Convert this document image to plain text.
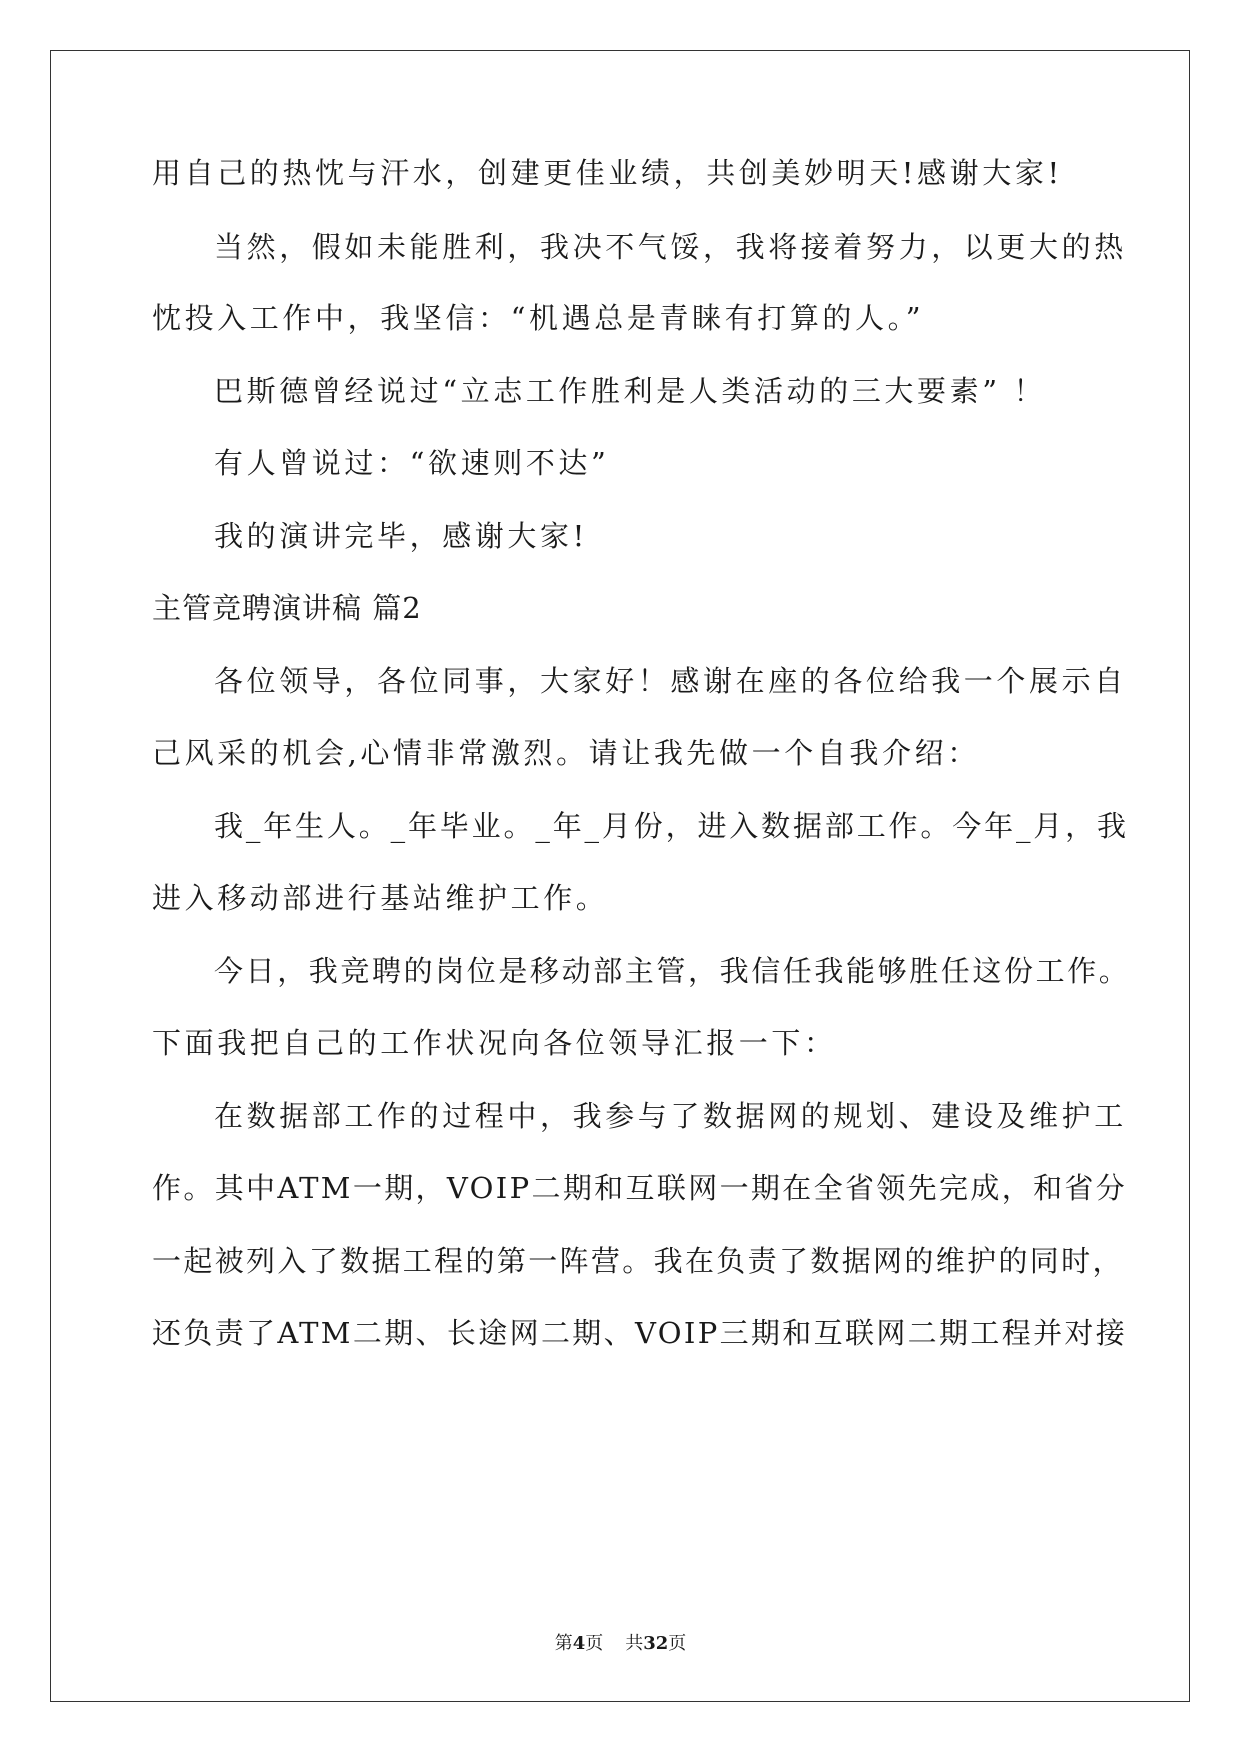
用自己的热忱与汗水，创建更佳业绩，共创美妙明天!感谢大家!
当然，假如未能胜利，我决不气馁，我将接着努力，以更大的热
忱投入工作中，我坚信：“机遇总是青睐有打算的人。”
巴斯德曾经说过“立志工作胜利是人类活动的三大要素” ！
有人曾说过：“欲速则不达”
我的演讲完毕，感谢大家!
主管竞聘演讲稿 篇2
各位领导，各位同事，大家好！感谢在座的各位给我一个展示自
己风采的机会,心情非常激烈。请让我先做一个自我介绍：
我_年生人。_年毕业。_年_月份，进入数据部工作。今年_月，我
进入移动部进行基站维护工作。
今日，我竞聘的岗位是移动部主管，我信任我能够胜任这份工作。
下面我把自己的工作状况向各位领导汇报一下：
在数据部工作的过程中，我参与了数据网的规划、建设及维护工
作。其中ATM一期，VOIP二期和互联网一期在全省领先完成，和省分
一起被列入了数据工程的第一阵营。我在负责了数据网的维护的同时，
还负责了ATM二期、长途网二期、VOIP三期和互联网二期工程并对接
第4页 共32页
